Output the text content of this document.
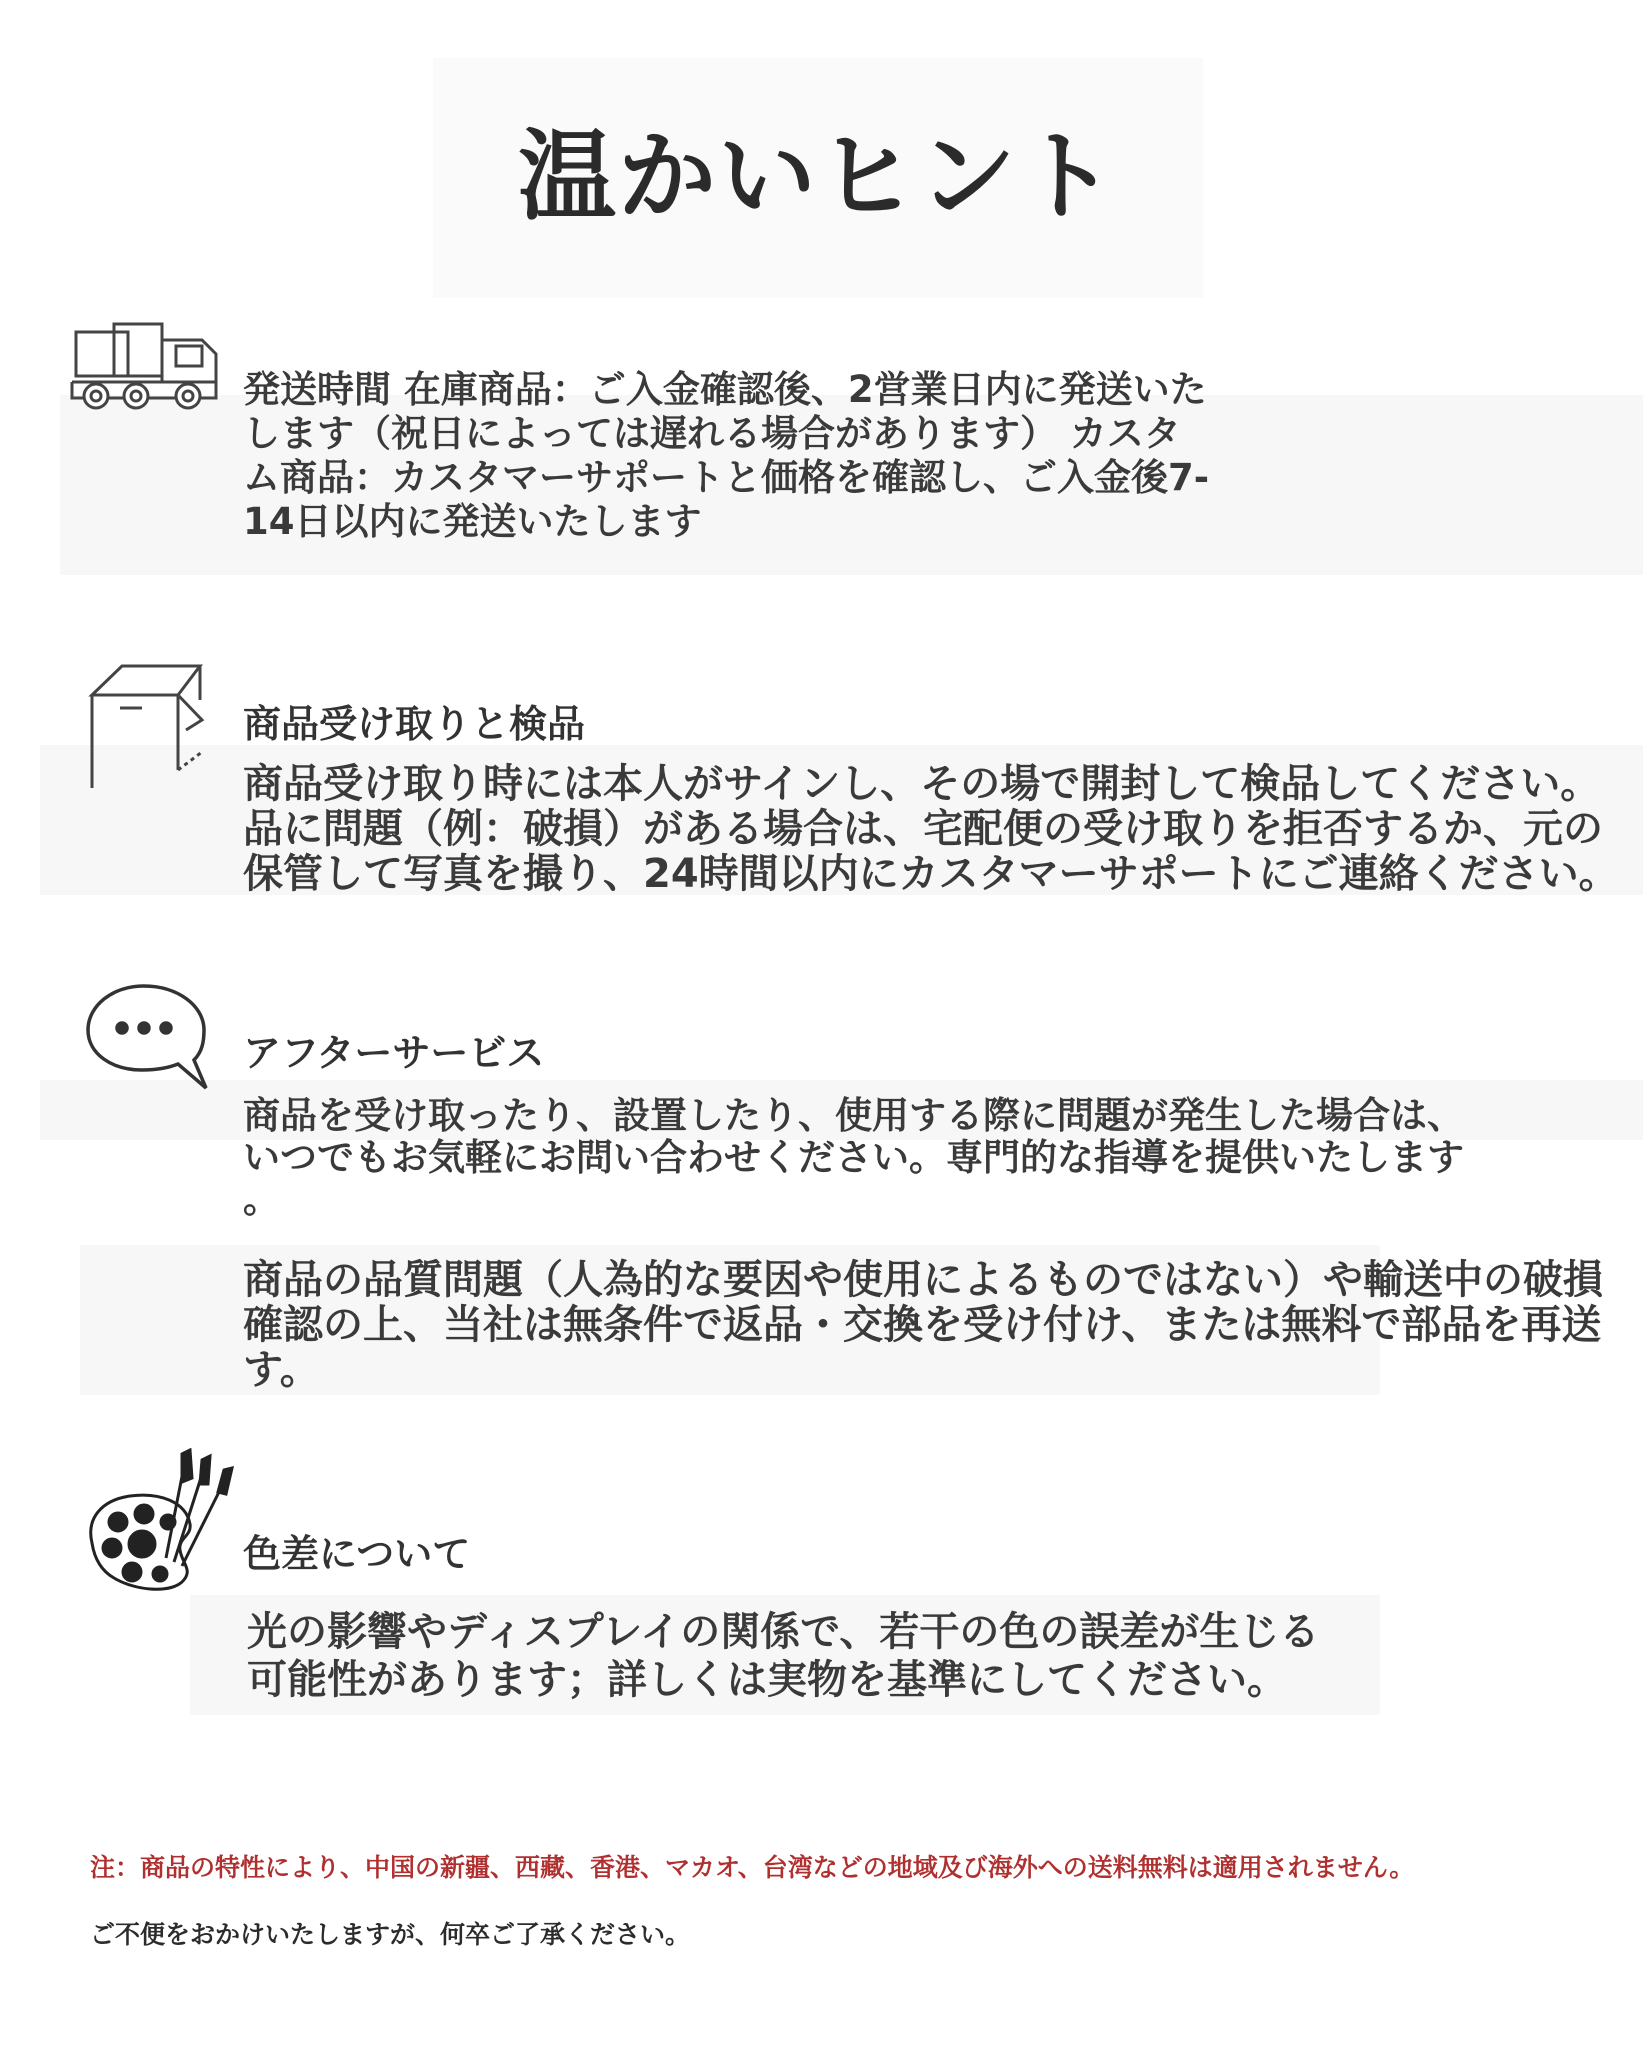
温かいヒント
発送時間 在庫商品：ご入金確認後、2営業日内に発送いた
します（祝日によっては遅れる場合があります） カスタ
ム商品：カスタマーサポートと価格を確認し、ご入金後7-
14日以内に発送いたします
商品受け取りと検品
商品受け取り時には本人がサインし、その場で開封して検品してください。
品に問題（例：破損）がある場合は、宅配便の受け取りを拒否するか、元の
保管して写真を撮り、24時間以内にカスタマーサポートにご連絡ください。
アフターサービス
商品を受け取ったり、設置したり、使用する際に問題が発生した場合は、
いつでもお気軽にお問い合わせください。専門的な指導を提供いたします
。
商品の品質問題（人為的な要因や使用によるものではない）や輸送中の破損
確認の上、当社は無条件で返品・交換を受け付け、または無料で部品を再送
す。
色差について
光の影響やディスプレイの関係で、若干の色の誤差が生じる
可能性があります；詳しくは実物を基準にしてください。
注：商品の特性により、中国の新疆、西藏、香港、マカオ、台湾などの地域及び海外への送料無料は適用されません。
ご不便をおかけいたしますが、何卒ご了承ください。
